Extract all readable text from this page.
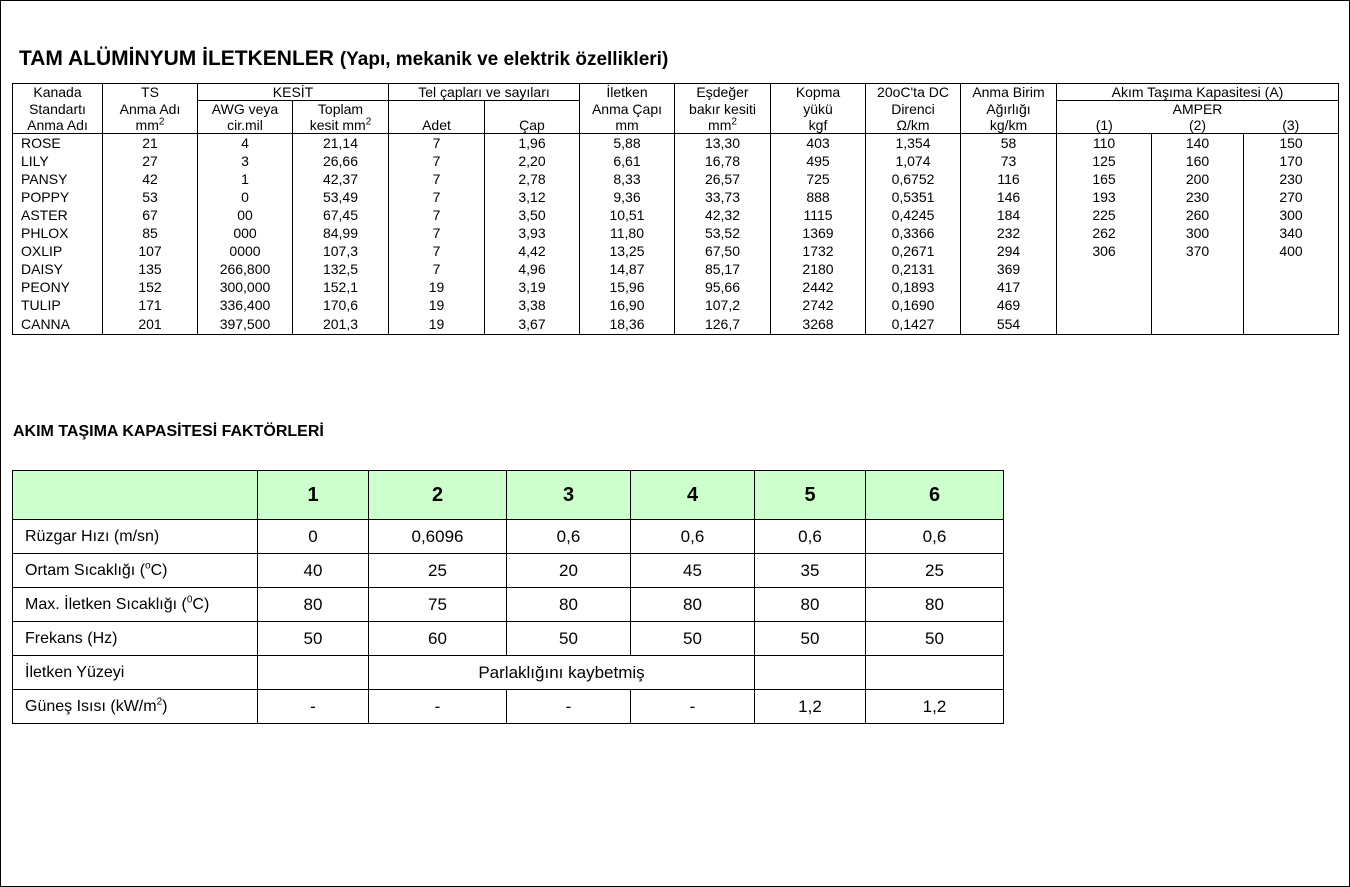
TAM ALÜMİNYUM İLETKENLER (Yapı, mekanik ve elektrik özellikleri)
Kanada	TS	KESİT		Tel çapları ve sayıları		İletken	Eşdeğer	Kopma	20oC'ta DC	Anma Birim	Akım Taşıma Kapasitesi (A)		
Standartı	Anma Adı	AWG veya	Toplam			Anma Çapı	bakır kesiti	yükü	Direnci	Ağırlığı	AMPER		
Anma Adı	$mm^2$	cir.mil	kesit $mm^2$	Adet	Çap	mm	$mm^2$	kgf	Ω/km	kg/km	(1)	(2)	(3)
ROSE	21	4	21,14	7	1,96	5,88	13,30	403	1,354	58	110	140	150
LILY	27	3	26,66	7	2,20	6,61	16,78	495	1,074	73	125	160	170
PANSY	42	1	42,37	7	2,78	8,33	26,57	725	0,6752	116	165	200	230
POPPY	53	0	53,49	7	3,12	9,36	33,73	888	0,5351	146	193	230	270
ASTER	67	00	67,45	7	3,50	10,51	42,32	1115	0,4245	184	225	260	300
PHLOX	85	000	84,99	7	3,93	11,80	53,52	1369	0,3366	232	262	300	340
OXLIP	107	0000	107,3	7	4,42	13,25	67,50	1732	0,2671	294	306	370	400
DAISY	135	266,800	132,5	7	4,96	14,87	85,17	2180	0,2131	369			
PEONY	152	300,000	152,1	19	3,19	15,96	95,66	2442	0,1893	417			
TULIP	171	336,400	170,6	19	3,38	16,90	107,2	2742	0,1690	469			
CANNA	201	397,500	201,3	19	3,67	18,36	126,7	3268	0,1427	554			
AKIM TAŞIMA KAPASİTESİ FAKTÖRLERİ
	1	2	3	4	5	6
Rüzgar Hızı (m/sn)	0	0,6096	0,6	0,6	0,6	0,6
Ortam Sıcaklığı ($^o$C)	40	25	20	45	35	25
Max. İletken Sıcaklığı ($^0$C)	80	75	80	80	80	80
Frekans (Hz)	50	60	50	50	50	50
İletken Yüzeyi		Parlaklığını kaybetmiş				
Güneş Isısı $(kW/m^2)$	-	-	-	-	1,2	1,2
